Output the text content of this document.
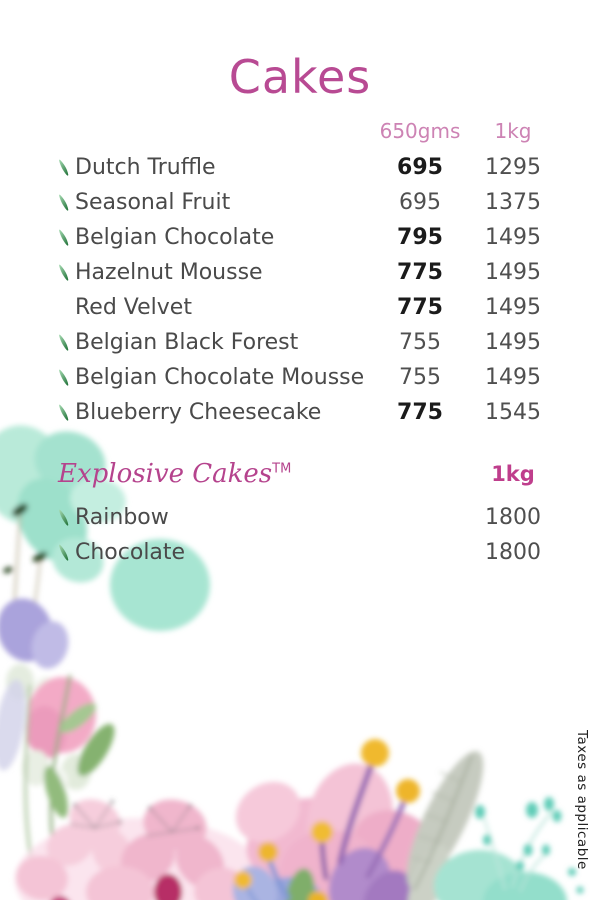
Cakes
650gms	1kg
Dutch Truffle	695	1295
Seasonal Fruit	695	1375
Belgian Chocolate	795	1495
Hazelnut Mousse	775	1495
Red Velvet	775	1495
Belgian Black Forest	755	1495
Belgian Chocolate Mousse	755	1495
Blueberry Cheesecake	775	1545
Explosive Cakes™	1kg
Rainbow	1800
Chocolate	1800
Taxes as applicable
